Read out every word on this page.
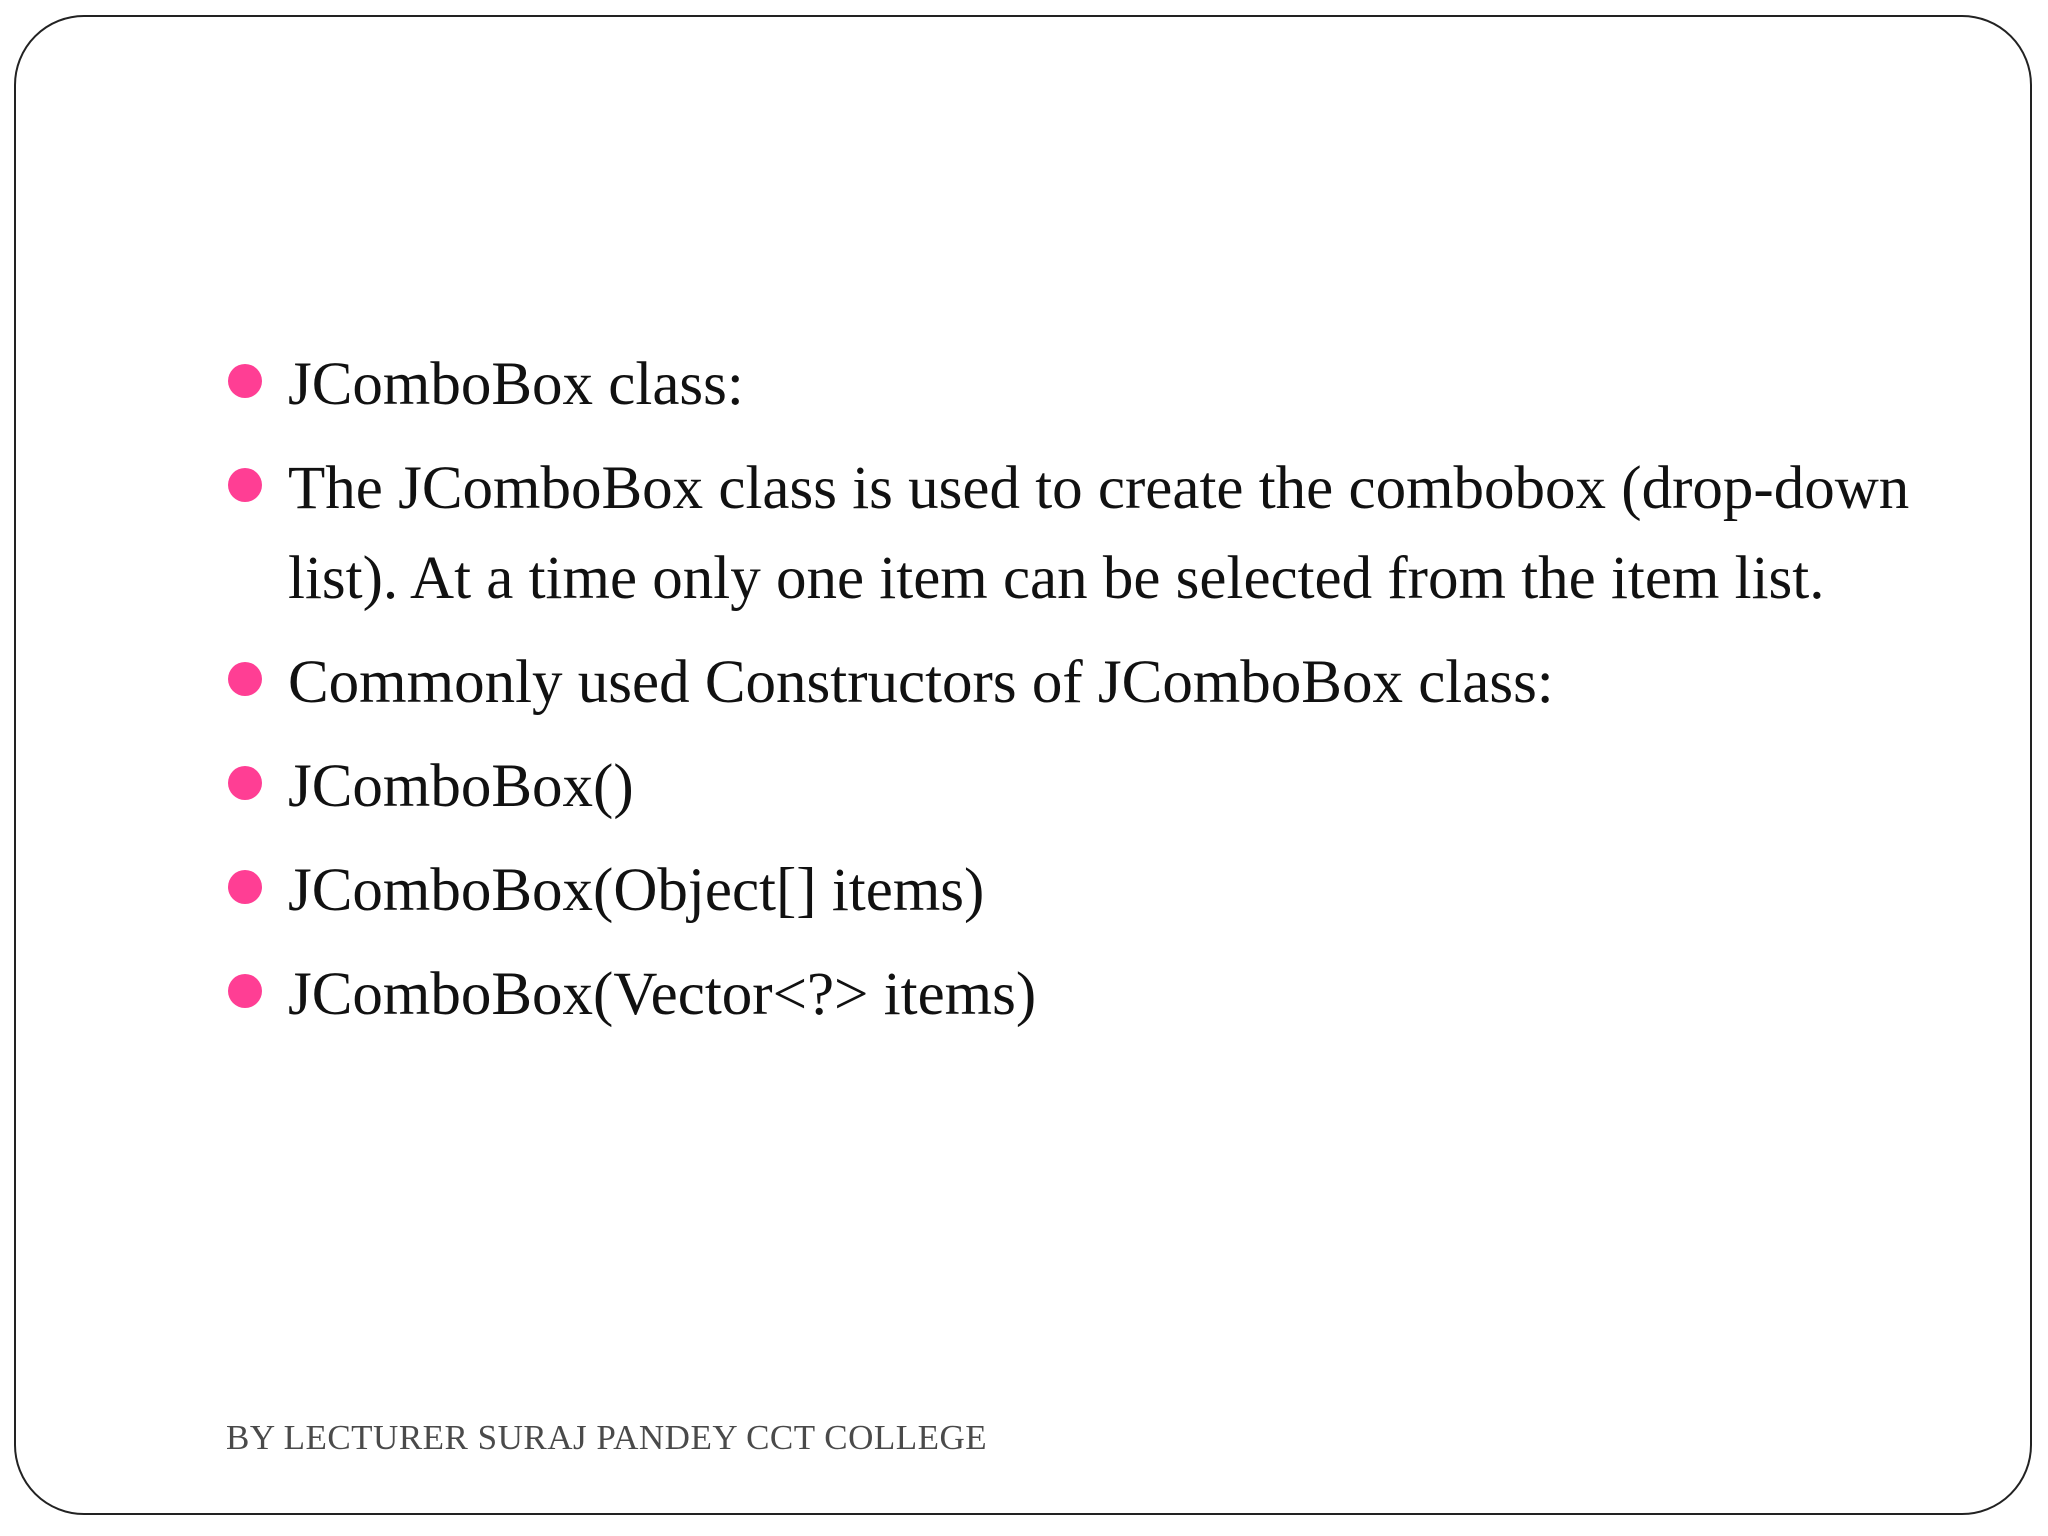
JComboBox class:
The JComboBox class is used to create the combobox (drop-down list). At a time only one item can be selected from the item list.
Commonly used Constructors of JComboBox class:
JComboBox()
JComboBox(Object[] items)
JComboBox(Vector<?> items)
BY LECTURER SURAJ PANDEY CCT COLLEGE
